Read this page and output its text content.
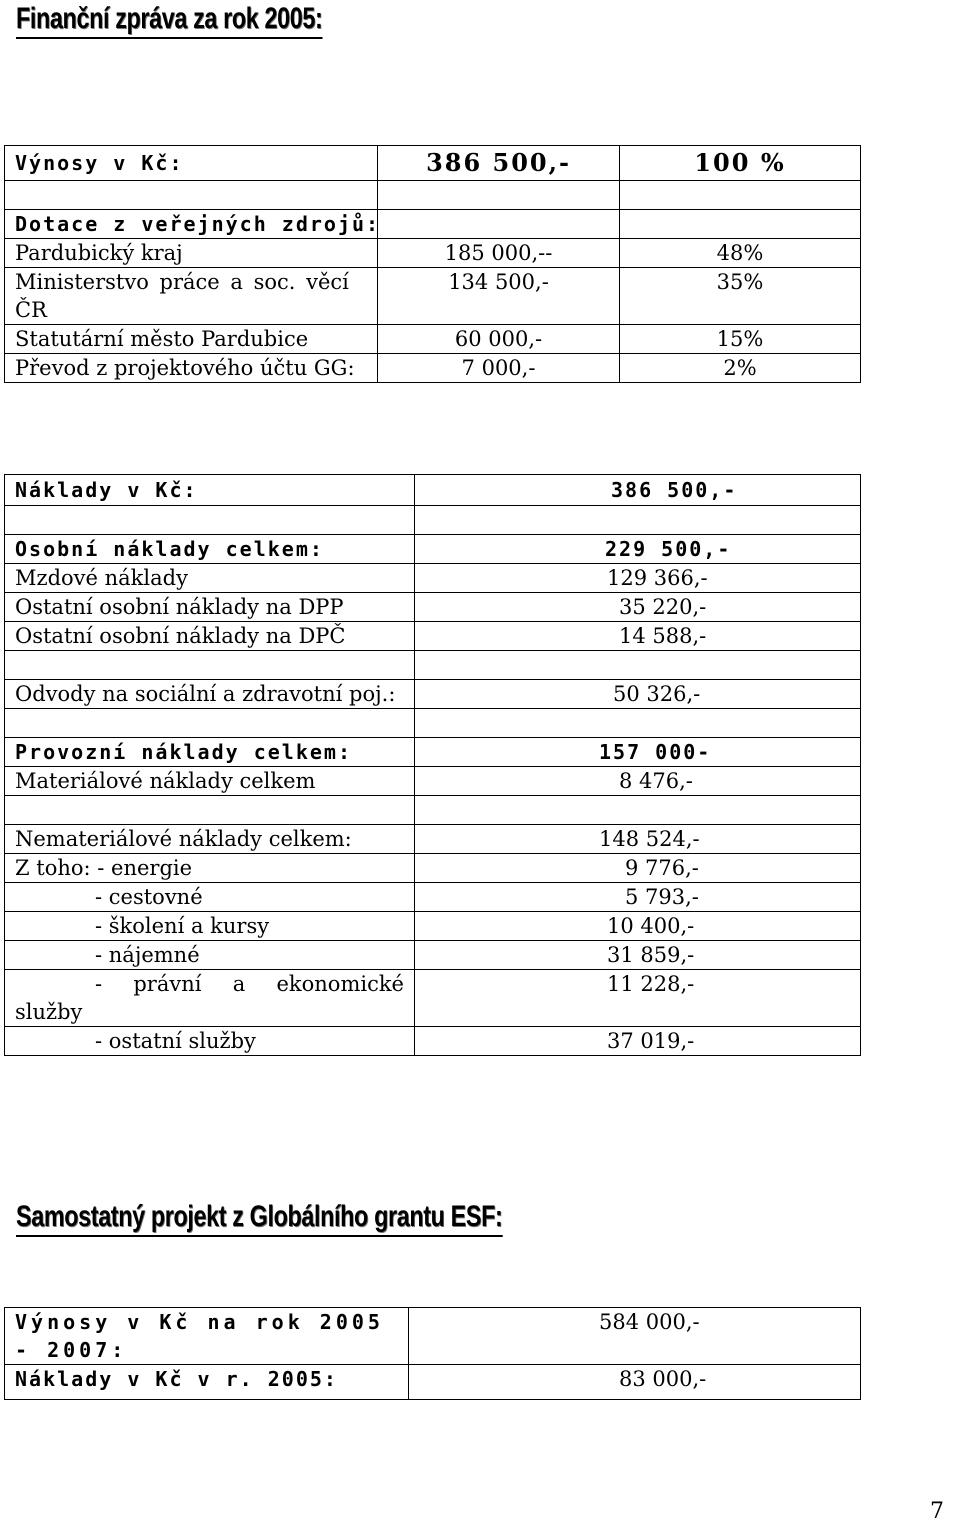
Finanční zpráva za rok 2005:
Výnosy v Kč:	386 500,-	100 %

Dotace z veřejných zdrojů:		
Pardubický kraj	185 000,--	48%
Ministerstvo práce a soc. věcí ČR	134 500,-	35%
Statutární město Pardubice	60 000,-	15%
Převod z projektového účtu GG:	7 000,-	2%
Náklady v Kč:	386 500,-

Osobní náklady celkem:	229 500,-
Mzdové náklady	129 366,-
Ostatní osobní náklady na DPP	35 220,-
Ostatní osobní náklady na DPČ	14 588,-

Odvody na sociální a zdravotní poj.:	50 326,-

Provozní náklady celkem:	157 000-
Materiálové náklady celkem	8 476,-

Nemateriálové náklady celkem:	148 524,-
Z toho: - energie	9 776,-
- cestovné	5 793,-
- školení a kursy	10 400,-
- nájemné	31 859,-
- právní a ekonomické služby	11 228,-
- ostatní služby	37 019,-
Samostatný projekt z Globálního grantu ESF:
Výnosy v Kč na rok 2005 - 2007:	584 000,-
Náklady v Kč v r. 2005:	83 000,-
7
